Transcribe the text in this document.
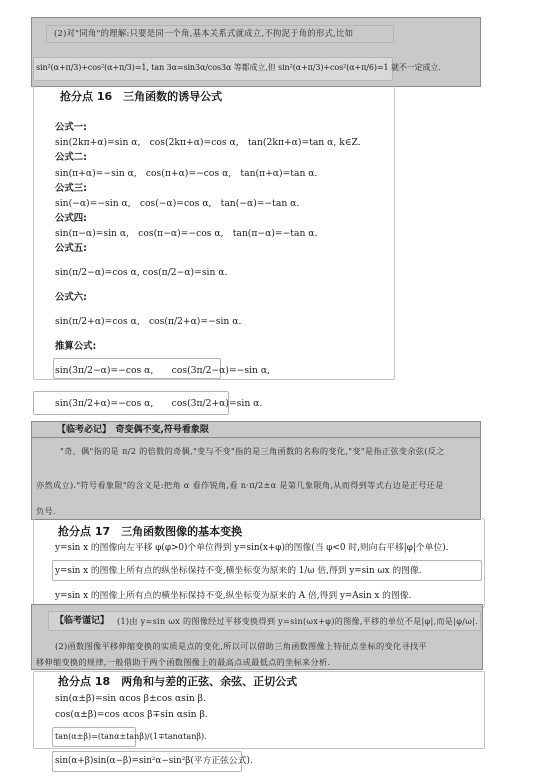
(2)对"同角"的理解:只要是同一个角,基本关系式就成立,不拘泥于角的形式,比如
sin²(α+π/3)+cos²(α+π/3)=1, tan 3α=sin3α/cos3α 等都成立,但 sin²(α+π/3)+cos²(α+π/6)=1 就不一定成立.
抢分点 16　三角函数的诱导公式
公式一:
sin(2kπ+α)=sin α,　cos(2kπ+α)=cos α,　tan(2kπ+α)=tan α, k∈Z.
公式二:
sin(π+α)=−sin α,　cos(π+α)=−cos α,　tan(π+α)=tan α.
公式三:
sin(−α)=−sin α,　cos(−α)=cos α,　tan(−α)=−tan α.
公式四:
sin(π−α)=sin α,　cos(π−α)=−cos α,　tan(π−α)=−tan α.
公式五:
sin(π/2−α)=cos α, cos(π/2−α)=sin α.
公式六:
sin(π/2+α)=cos α,　cos(π/2+α)=−sin α.
推算公式:
sin(3π/2−α)=−cos α,　　cos(3π/2−α)=−sin α,
sin(3π/2+α)=−cos α,　　cos(3π/2+α)=sin α.
【临考必记】　奇变偶不变,符号看象限
"奇、偶"指的是 π/2 的倍数的奇偶,"变与不变"指的是三角函数的名称的变化,"变"是指正弦变余弦(反之
亦然成立)."符号看象限"的含义是:把角 α 看作锐角,看 n·π/2±α 是第几象限角,从而得到等式右边是正号还是
负号.
抢分点 17　三角函数图像的基本变换
y=sin x 的图像向左平移 φ(φ>0)个单位得到 y=sin(x+φ)的图像(当 φ<0 时,则向右平移|φ|个单位).
y=sin x 的图像上所有点的纵坐标保持不变,横坐标变为原来的 1/ω 倍,得到 y=sin ωx 的图像.
y=sin x 的图像上所有点的横坐标保持不变,纵坐标变为原来的 A 倍,得到 y=Asin x 的图像.
【临考谨记】 (1)由 y=sin ωx 的图像经过平移变换得到 y=sin(ωx+φ)的图像,平移的单位不是|φ|,而是|φ/ω|.
(2)函数图像平移伸缩变换的实质是点的变化,所以可以借助三角函数图像上特征点坐标的变化寻找平
移伸缩变换的规律,一般借助于两个函数图像上的最高点或最低点的坐标来分析.
抢分点 18　两角和与差的正弦、余弦、正切公式
sin(α±β)=sin αcos β±cos αsin β.
cos(α±β)=cos αcos β∓sin αsin β.
tan(α±β)=(tanα±tanβ)/(1∓tanαtanβ).
sin(α+β)sin(α−β)=sin²α−sin²β(平方正弦公式).
